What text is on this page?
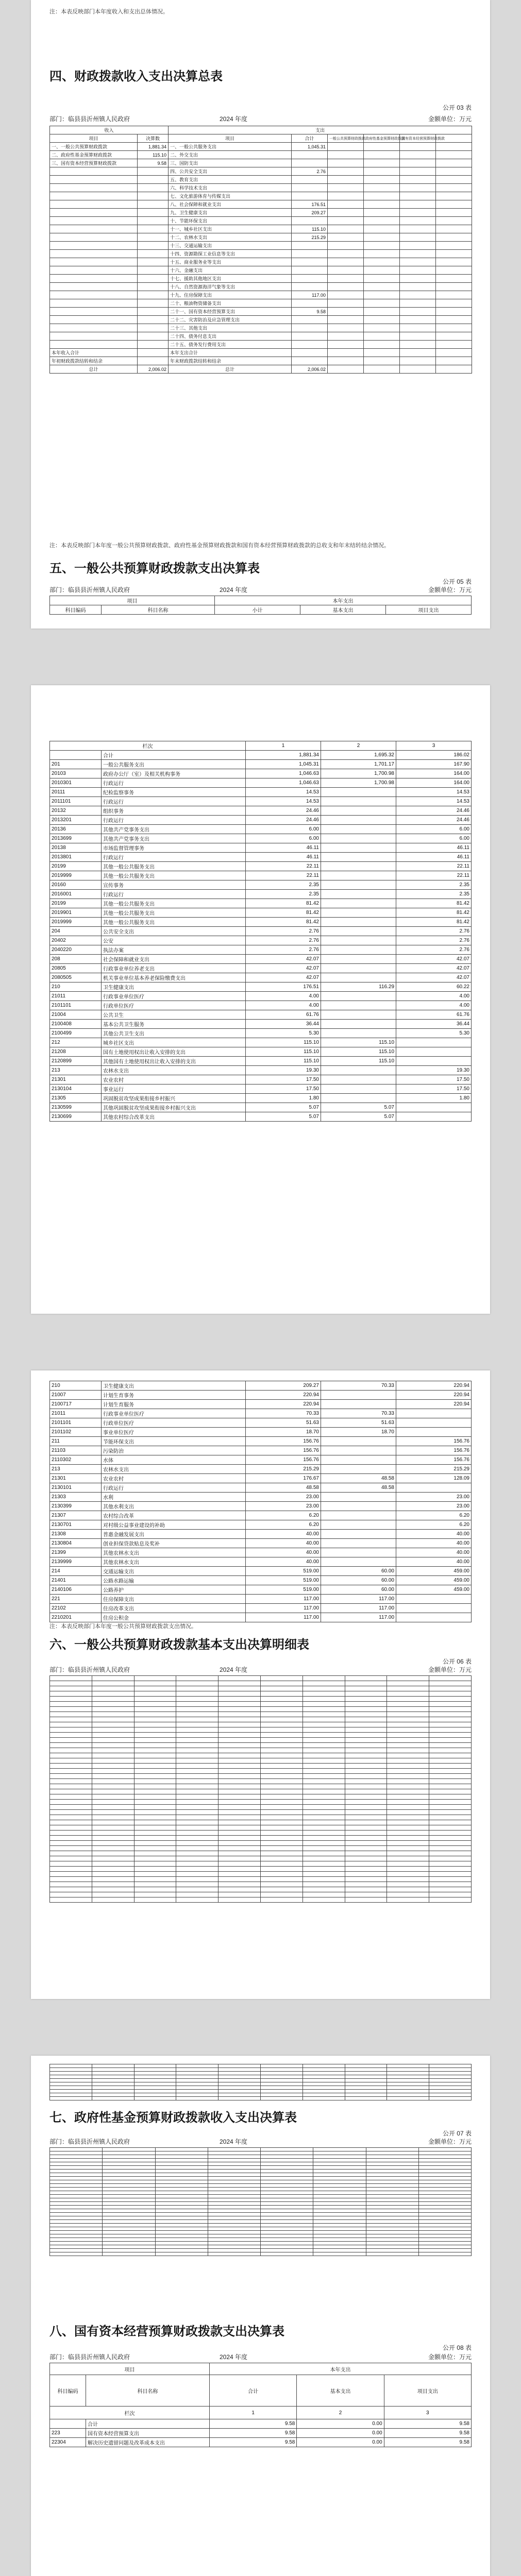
注：本表反映部门本年度收入和支出总体情况。
四、财政拨款收入支出决算总表
公开 03 表
部门：临县县沂州镇人民政府	2024 年度	金额单位：万元
收入		支出					
项目	决算数	项目	合计	一般公共预算财政拨款	政府性基金预算财政拨款	国有资本经营预算财政拨款	
一、一般公共预算财政拨款	1,881.34	一、一般公共服务支出	1,045.31				
二、政府性基金预算财政拨款	115.10	二、外交支出					
三、国有资本经营预算财政拨款	9.58	三、国防支出					
		四、公共安全支出	2.76				
		五、教育支出					
		六、科学技术支出					
		七、文化旅游体育与传媒支出					
		八、社会保障和就业支出	176.51				
		九、卫生健康支出	209.27				
		十、节能环保支出					
		十一、城乡社区支出	115.10				
		十二、农林水支出	215.29				
		十三、交通运输支出					
		十四、资源勘探工业信息等支出					
		十五、商业服务业等支出					
		十六、金融支出					
		十七、援助其他地区支出					
		十八、自然资源海洋气象等支出					
		十九、住房保障支出	117.00				
		二十、粮油物资储备支出					
		二十一、国有资本经营预算支出	9.58				
		二十二、灾害防治及应急管理支出					
		二十三、其他支出					
		二十四、债务付息支出					
		二十五、债务发行费用支出					
本年收入合计		本年支出合计					
年初财政拨款结转和结余		年末财政拨款结转和结余					
总计	2,006.02	总计	2,006.02				
注：本表反映部门本年度一般公共预算财政拨款、政府性基金预算财政拨款和国有资本经营预算财政拨款的总收支和年末结转结余情况。
五、一般公共预算财政拨款支出决算表
公开 05 表
部门：临县县沂州镇人民政府	2024 年度	金额单位：万元
项目		本年支出		
科目编码	科目名称	小计	基本支出	项目支出
栏次		1	2	3
	合计	1,881.34	1,695.32	186.02
201	一般公共服务支出	1,045.31	1,701.17	167.90
20103	政府办公厅（室）及相关机构事务	1,046.63	1,700.98	164.00
2010301	行政运行	1,046.63	1,700.98	164.00
20111	纪检监察事务	14.53		14.53
2011101	行政运行	14.53		14.53
20132	组织事务	24.46		24.46
2013201	行政运行	24.46		24.46
20136	其他共产党事务支出	6.00		6.00
2013699	其他共产党事务支出	6.00		6.00
20138	市场监督管理事务	46.11		46.11
2013801	行政运行	46.11		46.11
20199	其他一般公共服务支出	22.11		22.11
2019999	其他一般公共服务支出	22.11		22.11
20160	宣传事务	2.35		2.35
2016001	行政运行	2.35		2.35
20199	其他一般公共服务支出	81.42		81.42
2019901	其他一般公共服务支出	81.42		81.42
2019999	其他一般公共服务支出	81.42		81.42
204	公共安全支出	2.76		2.76
20402	公安	2.76		2.76
2040220	执法办案	2.76		2.76
208	社会保障和就业支出	42.07		42.07
20805	行政事业单位养老支出	42.07		42.07
2080505	机关事业单位基本养老保险缴费支出	42.07		42.07
210	卫生健康支出	176.51	116.29	60.22
21011	行政事业单位医疗	4.00		4.00
2101101	行政单位医疗	4.00		4.00
21004	公共卫生	61.76		61.76
2100408	基本公共卫生服务	36.44		36.44
2100499	其他公共卫生支出	5.30		5.30
212	城乡社区支出	115.10	115.10	
21208	国有土地使用权出让收入安排的支出	115.10	115.10	
2120899	其他国有土地使用权出让收入安排的支出	115.10	115.10	
213	农林水支出	19.30		19.30
21301	农业农村	17.50		17.50
2130104	事业运行	17.50		17.50
21305	巩固脱贫攻坚成果衔接乡村振兴	1.80		1.80
2130599	其他巩固脱贫攻坚成果衔接乡村振兴支出	5.07	5.07	
2130699	其他农村综合改革支出	5.07	5.07	
210	卫生健康支出	209.27	70.33	220.94
21007	计划生育事务	220.94		220.94
2100717	计划生育服务	220.94		220.94
21011	行政事业单位医疗	70.33	70.33	
2101101	行政单位医疗	51.63	51.63	
2101102	事业单位医疗	18.70	18.70	
211	节能环保支出	156.76		156.76
21103	污染防治	156.76		156.76
2110302	水体	156.76		156.76
213	农林水支出	215.29		215.29
21301	农业农村	176.67	48.58	128.09
2130101	行政运行	48.58	48.58	
21303	水利	23.00		23.00
2130399	其他水利支出	23.00		23.00
21307	农村综合改革	6.20		6.20
2130701	对村级公益事业建设的补助	6.20		6.20
21308	普惠金融发展支出	40.00		40.00
2130804	创业担保贷款贴息及奖补	40.00		40.00
21399	其他农林水支出	40.00		40.00
2139999	其他农林水支出	40.00		40.00
214	交通运输支出	519.00	60.00	459.00
21401	公路水路运输	519.00	60.00	459.00
2140106	公路养护	519.00	60.00	459.00
221	住房保障支出	117.00	117.00	
22102	住房改革支出	117.00	117.00	
2210201	住房公积金	117.00	117.00	
注：本表反映部门本年度一般公共预算财政拨款支出情况。
六、一般公共预算财政拨款基本支出决算明细表
公开 06 表
部门：临县县沂州镇人民政府	2024 年度	金额单位：万元

七、政府性基金预算财政拨款收入支出决算表
公开 07 表
部门：临县县沂州镇人民政府	2024 年度	金额单位：万元

八、国有资本经营预算财政拨款支出决算表
公开 08 表
部门：临县县沂州镇人民政府	2024 年度	金额单位：万元
项目		本年支出		
科目编码	科目名称	合计	基本支出	项目支出
栏次		1	2	3
	合计	9.58	0.00	9.58
223	国有资本经营预算支出	9.58	0.00	9.58
22304	解决历史遗留问题及改革成本支出	9.58	0.00	9.58
